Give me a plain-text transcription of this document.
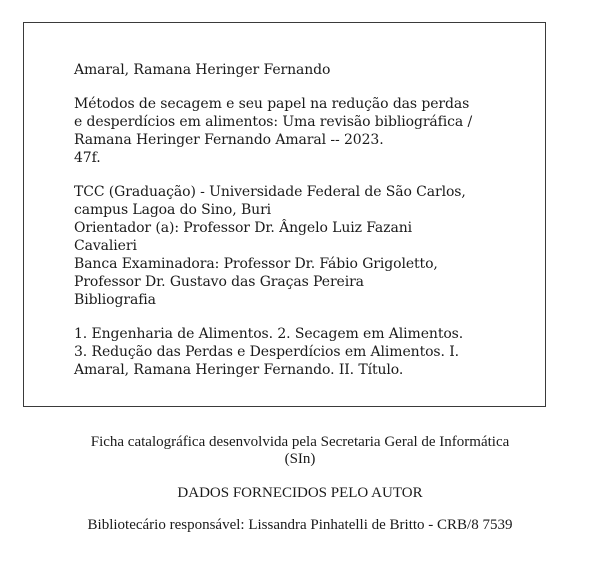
Amaral, Ramana Heringer Fernando
Métodos de secagem e seu papel na redução das perdas
e desperdícios em alimentos: Uma revisão bibliográfica /
Ramana Heringer Fernando Amaral -- 2023.
47f.
TCC (Graduação) - Universidade Federal de São Carlos,
campus Lagoa do Sino, Buri
Orientador (a): Professor Dr. Ângelo Luiz Fazani
Cavalieri
Banca Examinadora: Professor Dr. Fábio Grigoletto,
Professor Dr. Gustavo das Graças Pereira
Bibliografia
1. Engenharia de Alimentos. 2. Secagem em Alimentos.
3. Redução das Perdas e Desperdícios em Alimentos. I.
Amaral, Ramana Heringer Fernando. II. Título.
Ficha catalográfica desenvolvida pela Secretaria Geral de Informática
(SIn)
DADOS FORNECIDOS PELO AUTOR
Bibliotecário responsável: Lissandra Pinhatelli de Britto - CRB/8 7539
